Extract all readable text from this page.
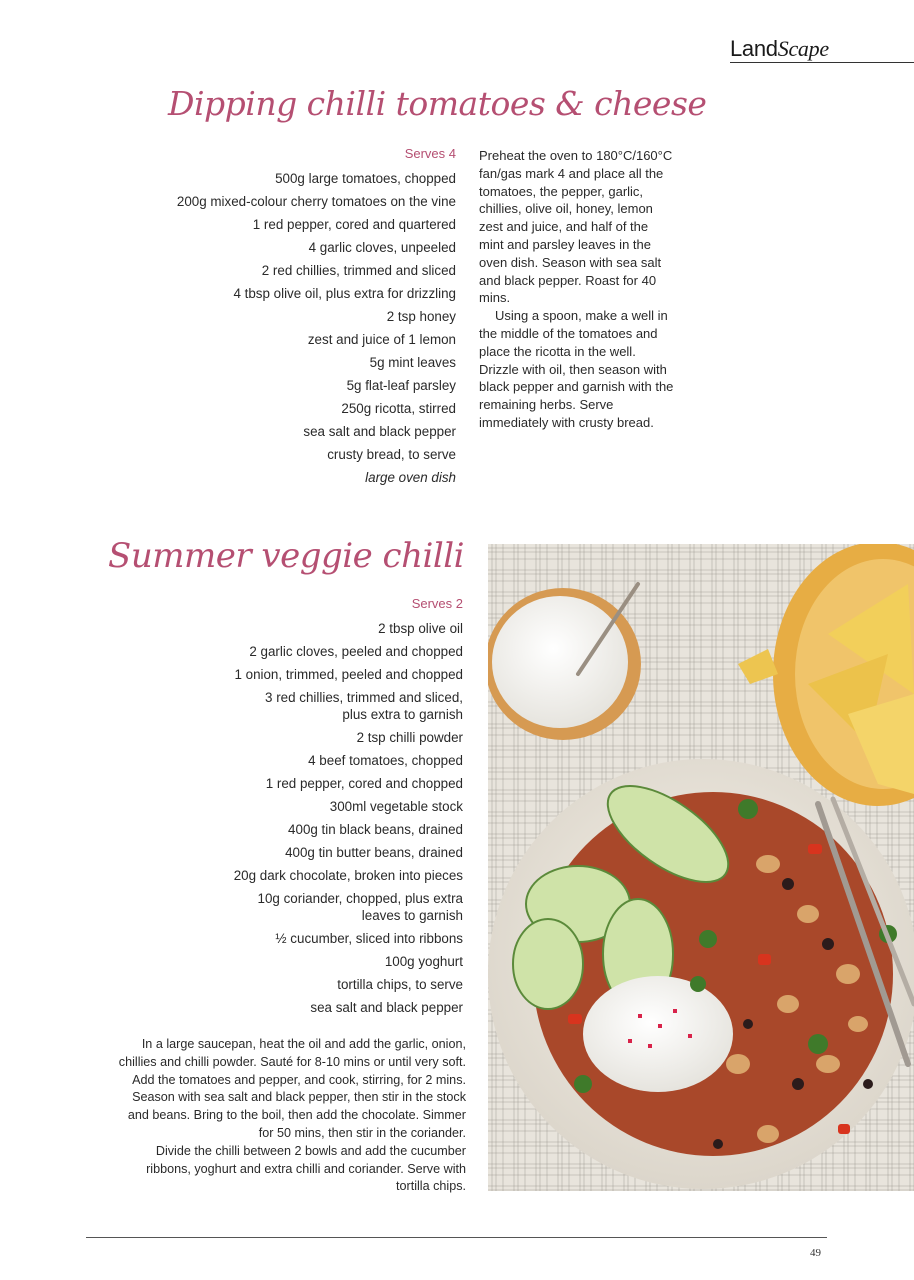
LandScape
Dipping chilli tomatoes & cheese
Serves 4
500g large tomatoes, chopped
200g mixed-colour cherry tomatoes on the vine
1 red pepper, cored and quartered
4 garlic cloves, unpeeled
2 red chillies, trimmed and sliced
4 tbsp olive oil, plus extra for drizzling
2 tsp honey
zest and juice of 1 lemon
5g mint leaves
5g flat-leaf parsley
250g ricotta, stirred
sea salt and black pepper
crusty bread, to serve
large oven dish

Preheat the oven to 180°C/160°C fan/gas mark 4 and place all the tomatoes, the pepper, garlic, chillies, olive oil, honey, lemon zest and juice, and half of the mint and parsley leaves in the oven dish. Season with sea salt and black pepper. Roast for 40 mins.

Using a spoon, make a well in the middle of the tomatoes and place the ricotta in the well. Drizzle with oil, then season with black pepper and garnish with the remaining herbs. Serve immediately with crusty bread.

Summer veggie chilli
Serves 2
2 tbsp olive oil
2 garlic cloves, peeled and chopped
1 onion, trimmed, peeled and chopped
3 red chillies, trimmed and sliced, plus extra to garnish
2 tsp chilli powder
4 beef tomatoes, chopped
1 red pepper, cored and chopped
300ml vegetable stock
400g tin black beans, drained
400g tin butter beans, drained
20g dark chocolate, broken into pieces
10g coriander, chopped, plus extra leaves to garnish
½ cucumber, sliced into ribbons
100g yoghurt
tortilla chips, to serve
sea salt and black pepper

In a large saucepan, heat the oil and add the garlic, onion, chillies and chilli powder. Sauté for 8-10 mins or until very soft. Add the tomatoes and pepper, and cook, stirring, for 2 mins. Season with sea salt and black pepper, then stir in the stock and beans. Bring to the boil, then add the chocolate. Simmer for 50 mins, then stir in the coriander.

Divide the chilli between 2 bowls and add the cucumber ribbons, yoghurt and extra chilli and coriander. Serve with tortilla chips.

49
